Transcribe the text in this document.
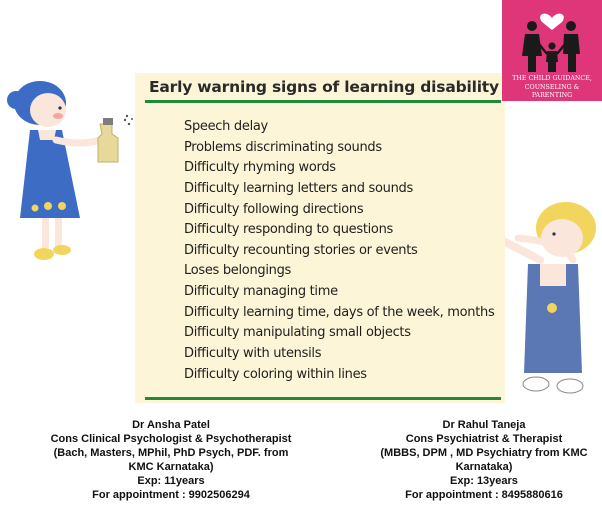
Early warning signs of learning disability
Speech delay
Problems discriminating sounds
Difficulty rhyming words
Difficulty learning letters and sounds
Difficulty following directions
Difficulty responding to questions
Difficulty recounting stories or events
Loses belongings
Difficulty managing time
Difficulty learning time, days of the week, months
Difficulty manipulating small objects
Difficulty with utensils
Difficulty coloring within lines
THE CHILD GUIDANCE,
COUNSELING & PARENTING
CLINIC
Dr Ansha Patel
Cons Clinical Psychologist & Psychotherapist
(Bach, Masters, MPhil, PhD Psych, PDF. from
KMC Karnataka)
Exp: 11years
For appointment : 9902506294
Dr Rahul Taneja
Cons Psychiatrist & Therapist
(MBBS, DPM , MD Psychiatry from KMC
Karnataka)
Exp: 13years
For appointment : 8495880616
